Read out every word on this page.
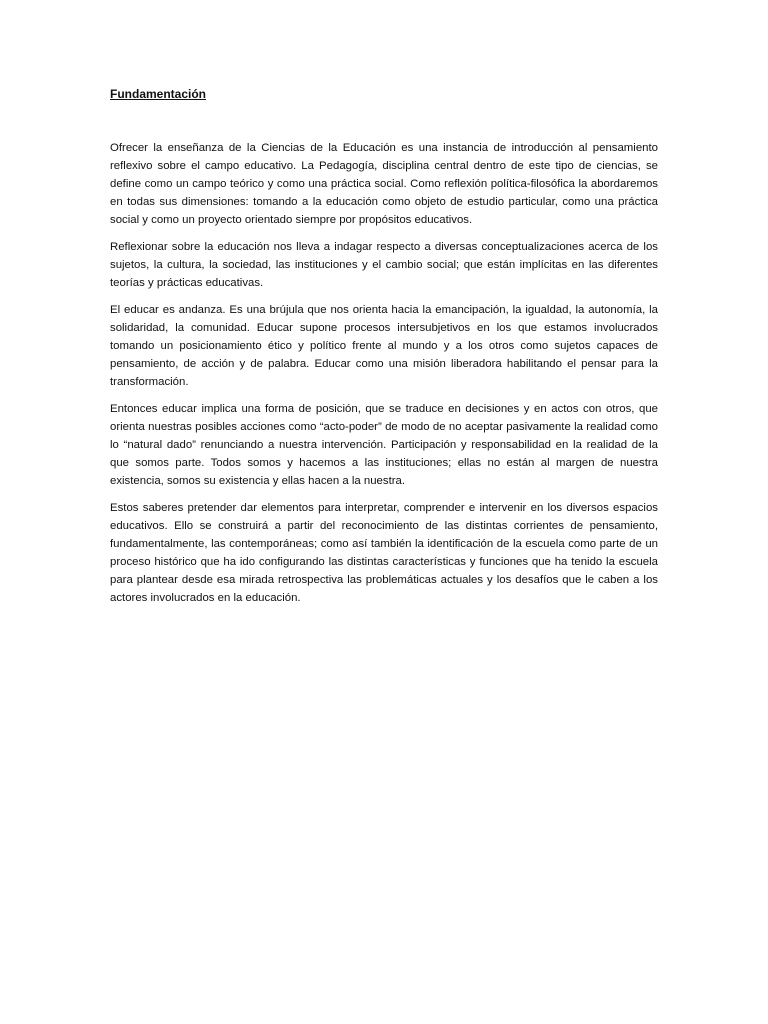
Fundamentación

Ofrecer la enseñanza de la Ciencias de la Educación es una instancia de introducción al pensamiento reflexivo sobre el campo educativo. La Pedagogía, disciplina central dentro de este tipo de ciencias, se define como un campo teórico y como una práctica social. Como reflexión política-filosófica la abordaremos en todas sus dimensiones: tomando a la educación como objeto de estudio particular, como una práctica social y como un proyecto orientado siempre por propósitos educativos.

Reflexionar sobre la educación nos lleva a indagar respecto a diversas conceptualizaciones acerca de los sujetos, la cultura, la sociedad, las instituciones y el cambio social; que están implícitas en las diferentes teorías y prácticas educativas.

El educar es andanza. Es una brújula que nos orienta hacia la emancipación, la igualdad, la autonomía, la solidaridad, la comunidad. Educar supone procesos intersubjetivos en los que estamos involucrados tomando un posicionamiento ético y político frente al mundo y a los otros como sujetos capaces de pensamiento, de acción y de palabra. Educar como una misión liberadora habilitando el pensar para la transformación.

Entonces educar implica una forma de posición, que se traduce en decisiones y en actos con otros, que orienta nuestras posibles acciones como “acto-poder” de modo de no aceptar pasivamente la realidad como lo “natural dado” renunciando a nuestra intervención. Participación y responsabilidad en la realidad de la que somos parte. Todos somos y hacemos a las instituciones; ellas no están al margen de nuestra existencia, somos su existencia y ellas hacen a la nuestra.

Estos saberes pretender dar elementos para interpretar, comprender e intervenir en los diversos espacios educativos. Ello se construirá a partir del reconocimiento de las distintas corrientes de pensamiento, fundamentalmente, las contemporáneas; como así también la identificación de la escuela como parte de un proceso histórico que ha ido configurando las distintas características y funciones que ha tenido la escuela para plantear desde esa mirada retrospectiva las problemáticas actuales y los desafíos que le caben a los actores involucrados en la educación.
